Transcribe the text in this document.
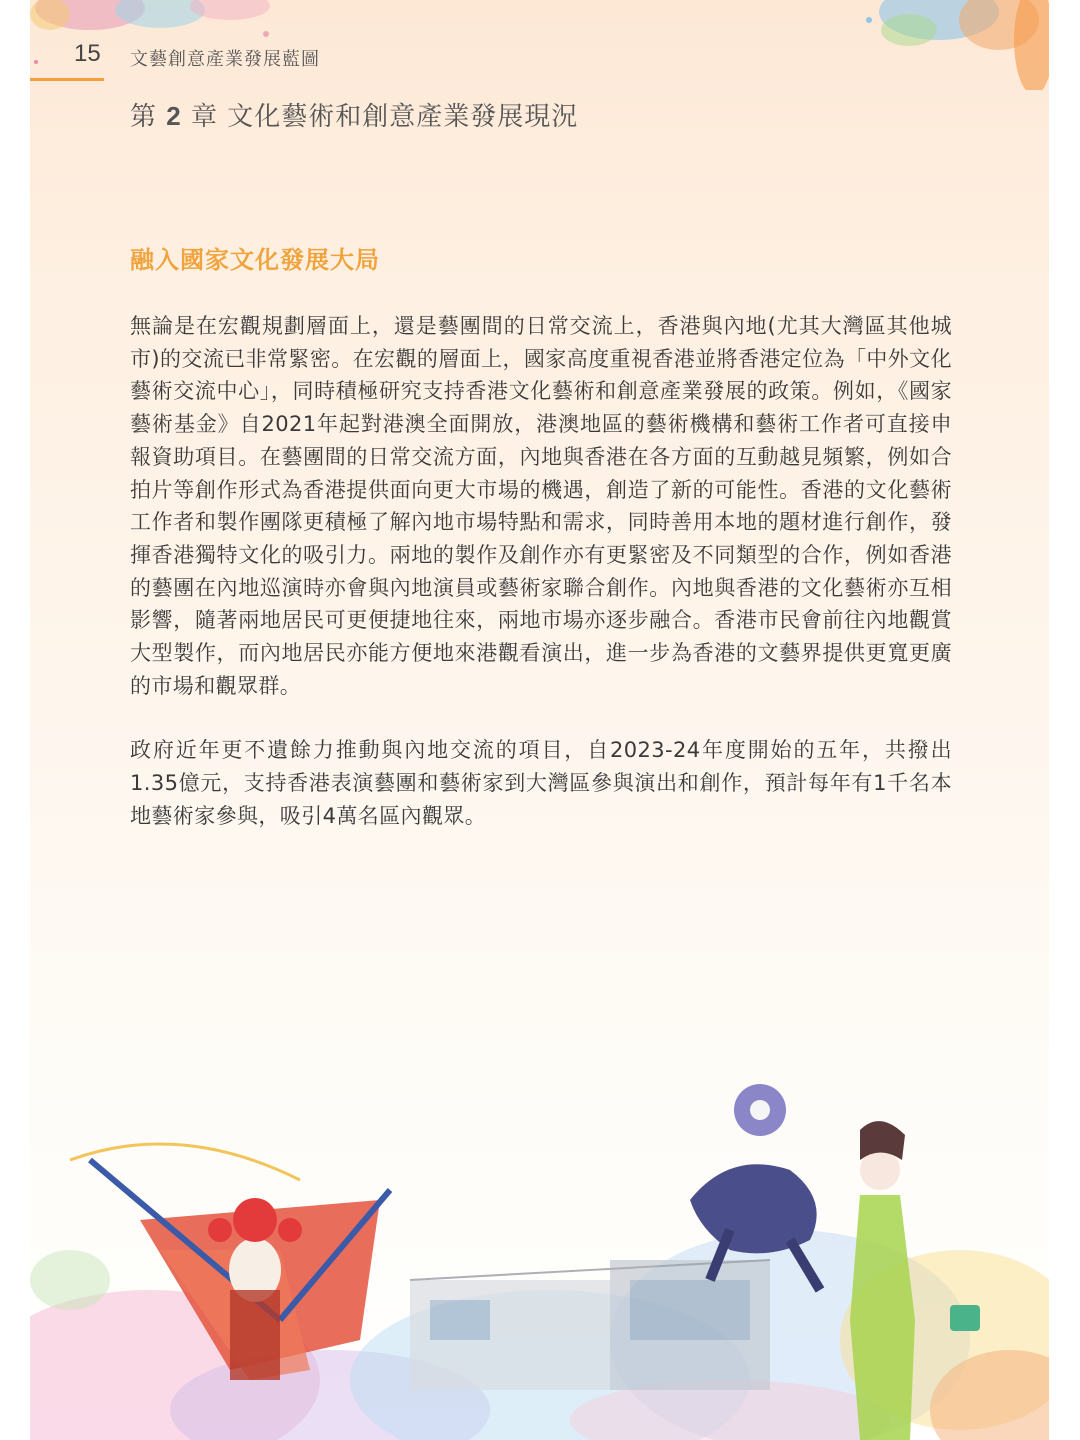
15 文藝創意產業發展藍圖
第 2 章 文化藝術和創意產業發展現況
融入國家文化發展大局

無論是在宏觀規劃層面上，還是藝團間的日常交流上，香港與內地(尤其大灣區其他城市)的交流已非常緊密。在宏觀的層面上，國家高度重視香港並將香港定位為「中外文化藝術交流中心」，同時積極研究支持香港文化藝術和創意產業發展的政策。例如，《國家藝術基金》自2021年起對港澳全面開放，港澳地區的藝術機構和藝術工作者可直接申報資助項目。在藝團間的日常交流方面，內地與香港在各方面的互動越見頻繁，例如合拍片等創作形式為香港提供面向更大市場的機遇，創造了新的可能性。香港的文化藝術工作者和製作團隊更積極了解內地市場特點和需求，同時善用本地的題材進行創作，發揮香港獨特文化的吸引力。兩地的製作及創作亦有更緊密及不同類型的合作，例如香港的藝團在內地巡演時亦會與內地演員或藝術家聯合創作。內地與香港的文化藝術亦互相影響，隨著兩地居民可更便捷地往來，兩地市場亦逐步融合。香港市民會前往內地觀賞大型製作，而內地居民亦能方便地來港觀看演出，進一步為香港的文藝界提供更寬更廣的市場和觀眾群。

政府近年更不遺餘力推動與內地交流的項目，自2023-24年度開始的五年，共撥出1.35億元，支持香港表演藝團和藝術家到大灣區參與演出和創作，預計每年有1千名本地藝術家參與，吸引4萬名區內觀眾。
